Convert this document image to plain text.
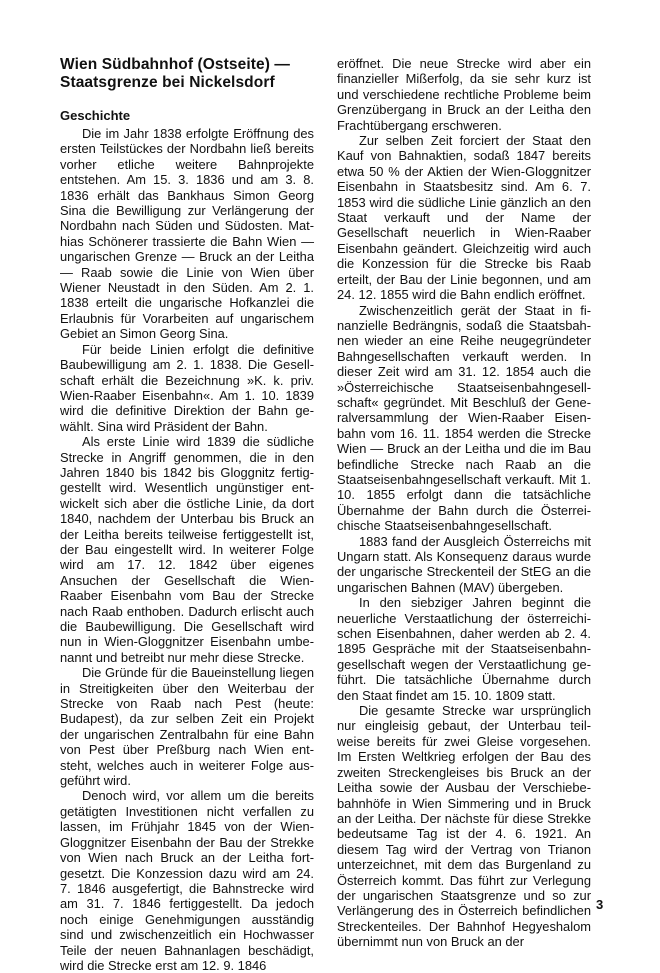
Wien Südbahnhof (Ostseite) — Staatsgrenze bei Nickelsdorf
Geschichte

Die im Jahr 1838 erfolgte Eröffnung des ersten Teilstückes der Nordbahn ließ bereits vorher etliche weitere Bahnprojekte entstehen. Am 15. 3. 1836 und am 3. 8. 1836 erhält das Bankhaus Simon Georg Sina die Bewilligung zur Verlängerung der Nordbahn nach Süden und Südosten. Mathias Schönerer trassierte die Bahn Wien — ungarischen Grenze — Bruck an der Leitha — Raab sowie die Linie von Wien über Wiener Neustadt in den Süden. Am 2. 1. 1838 erteilt die ungarische Hofkanzlei die Erlaubnis für Vorarbeiten auf ungarischem Gebiet an Simon Georg Sina.

Für beide Linien erfolgt die definitive Baubewilligung am 2. 1. 1838. Die Gesellschaft erhält die Bezeichnung »K. k. priv. Wien-Raaber Eisenbahn«. Am 1. 10. 1839 wird die definitive Direktion der Bahn gewählt. Sina wird Präsident der Bahn.

Als erste Linie wird 1839 die südliche Strecke in Angriff genommen, die in den Jahren 1840 bis 1842 bis Gloggnitz fertiggestellt wird. Wesentlich ungünstiger entwickelt sich aber die östliche Linie, da dort 1840, nachdem der Unterbau bis Bruck an der Leitha bereits teilweise fertiggestellt ist, der Bau eingestellt wird. In weiterer Folge wird am 17. 12. 1842 über eigenes Ansuchen der Gesellschaft die Wien-Raaber Eisenbahn vom Bau der Strecke nach Raab enthoben. Dadurch erlischt auch die Baubewilligung. Die Gesellschaft wird nun in Wien-Gloggnitzer Eisenbahn umbenannt und betreibt nur mehr diese Strecke.

Die Gründe für die Baueinstellung liegen in Streitigkeiten über den Weiterbau der Strecke von Raab nach Pest (heute: Budapest), da zur selben Zeit ein Projekt der ungarischen Zentralbahn für eine Bahn von Pest über Preßburg nach Wien entsteht, welches auch in weiterer Folge ausgeführt wird.

Denoch wird, vor allem um die bereits getätigten Investitionen nicht verfallen zu lassen, im Frühjahr 1845 von der Wien-Gloggnitzer Eisenbahn der Bau der Strekke von Wien nach Bruck an der Leitha fortgesetzt. Die Konzession dazu wird am 24. 7. 1846 ausgefertigt, die Bahnstrecke wird am 31. 7. 1846 fertiggestellt. Da jedoch noch einige Genehmigungen ausständig sind und zwischenzeitlich ein Hochwasser Teile der neuen Bahnanlagen beschädigt, wird die Strecke erst am 12. 9. 1846

eröffnet. Die neue Strecke wird aber ein finanzieller Mißerfolg, da sie sehr kurz ist und verschiedene rechtliche Probleme beim Grenzübergang in Bruck an der Leitha den Frachtübergang erschweren.

Zur selben Zeit forciert der Staat den Kauf von Bahnaktien, sodaß 1847 bereits etwa 50 % der Aktien der Wien-Gloggnitzer Eisenbahn in Staatsbesitz sind. Am 6. 7. 1853 wird die südliche Linie gänzlich an den Staat verkauft und der Name der Gesellschaft neuerlich in Wien-Raaber Eisenbahn geändert. Gleichzeitig wird auch die Konzession für die Strecke bis Raab erteilt, der Bau der Linie begonnen, und am 24. 12. 1855 wird die Bahn endlich eröffnet.

Zwischenzeitlich gerät der Staat in finanzielle Bedrängnis, sodaß die Staatsbahnen wieder an eine Reihe neugegründeter Bahngesellschaften verkauft werden. In dieser Zeit wird am 31. 12. 1854 auch die »Österreichische Staatseisenbahngesellschaft« gegründet. Mit Beschluß der Generalversammlung der Wien-Raaber Eisenbahn vom 16. 11. 1854 werden die Strecke Wien — Bruck an der Leitha und die im Bau befindliche Strecke nach Raab an die Staatseisenbahngesellschaft verkauft. Mit 1. 10. 1855 erfolgt dann die tatsächliche Übernahme der Bahn durch die Österreichische Staatseisenbahngesellschaft.

1883 fand der Ausgleich Österreichs mit Ungarn statt. Als Konsequenz daraus wurde der ungarische Streckenteil der StEG an die ungarischen Bahnen (MAV) übergeben.

In den siebziger Jahren beginnt die neuerliche Verstaatlichung der österreichischen Eisenbahnen, daher werden ab 2. 4. 1895 Gespräche mit der Staatseisenbahngesellschaft wegen der Verstaatlichung geführt. Die tatsächliche Übernahme durch den Staat findet am 15. 10. 1809 statt.

Die gesamte Strecke war ursprünglich nur eingleisig gebaut, der Unterbau teilweise bereits für zwei Gleise vorgesehen. Im Ersten Weltkrieg erfolgen der Bau des zweiten Streckengleises bis Bruck an der Leitha sowie der Ausbau der Verschiebebahnhöfe in Wien Simmering und in Bruck an der Leitha. Der nächste für diese Strekke bedeutsame Tag ist der 4. 6. 1921. An diesem Tag wird der Vertrag von Trianon unterzeichnet, mit dem das Burgenland zu Österreich kommt. Das führt zur Verlegung der ungarischen Staatsgrenze und so zur Verlängerung des in Österreich befindlichen Streckenteiles. Der Bahnhof Hegyeshalom übernimmt nun von Bruck an der

3
